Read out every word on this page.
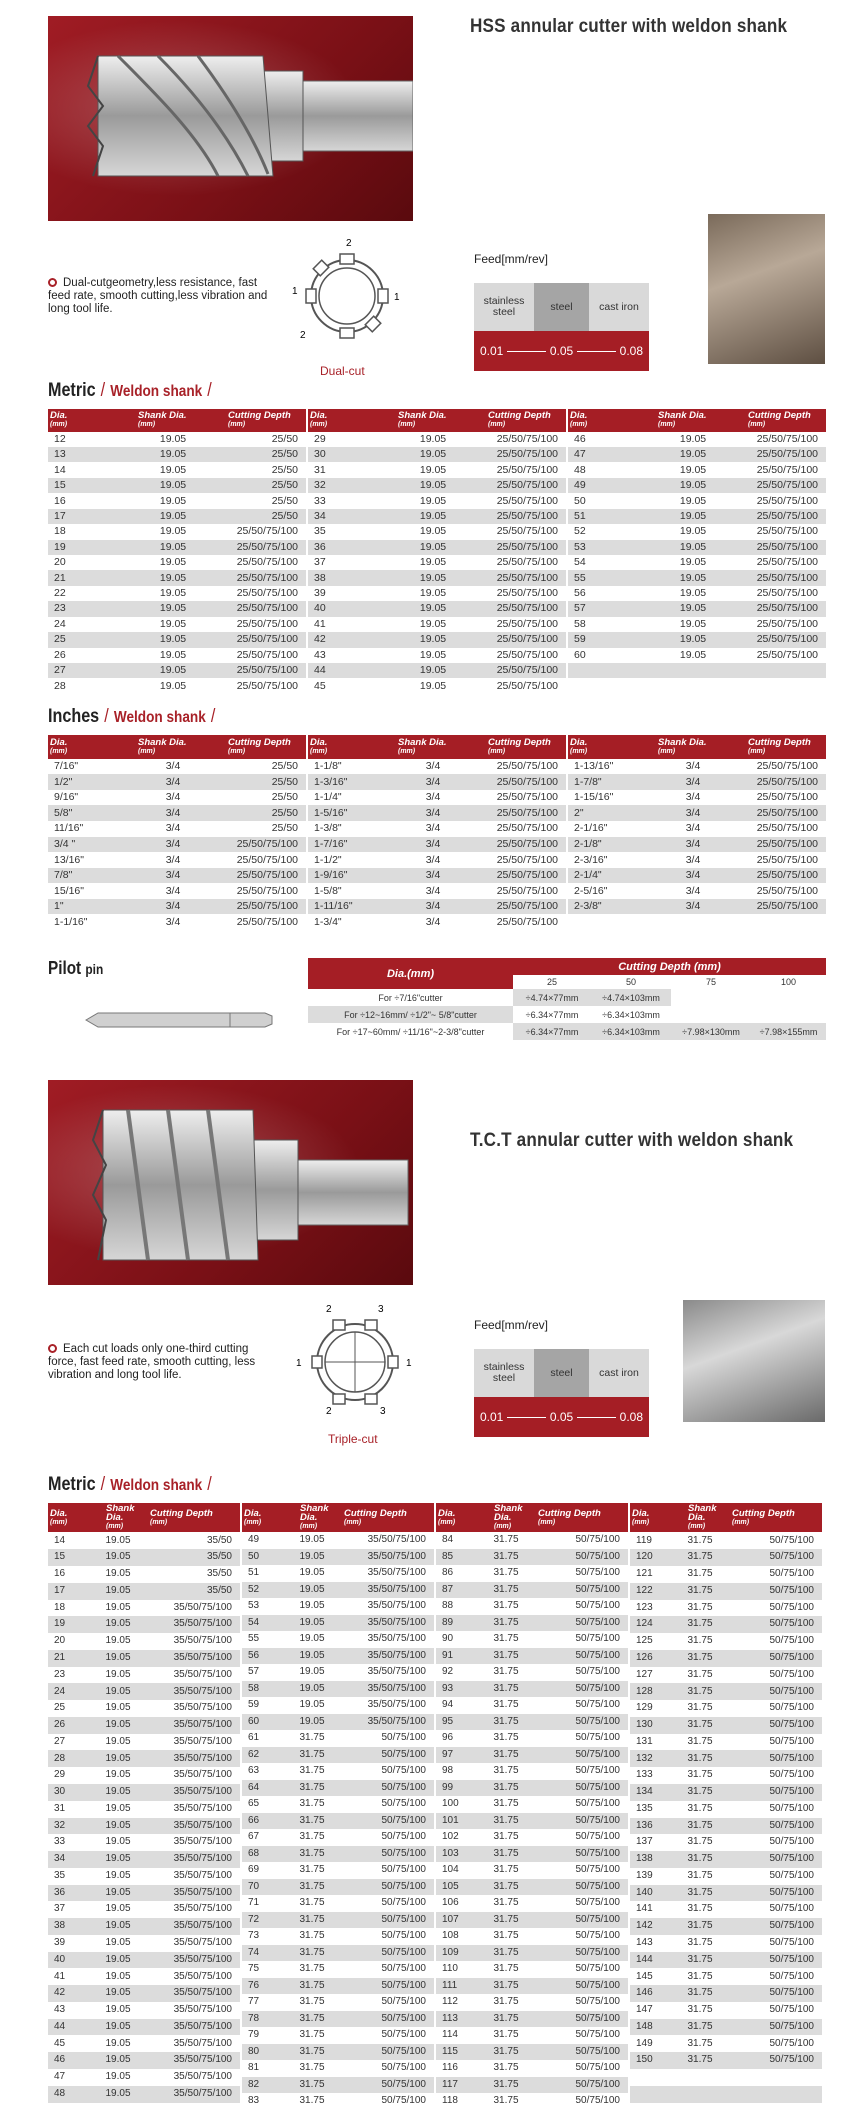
HSS annular cutter with weldon shank
Dual-cutgeometry,less resistance, fast feed rate, smooth cutting,less vibration and long tool life.
2
1
1
2
Dual-cut
Feed[mm/rev]
stainless steel	steel	cast iron
0.01	0.05	0.08
Metric / Weldon shank /
Dia.
(mm)	Shank Dia.
(mm)	Cutting Depth
(mm)

12	19.05	25/50
13	19.05	25/50
14	19.05	25/50
15	19.05	25/50
16	19.05	25/50
17	19.05	25/50
18	19.05	25/50/75/100
19	19.05	25/50/75/100
20	19.05	25/50/75/100
21	19.05	25/50/75/100
22	19.05	25/50/75/100
23	19.05	25/50/75/100
24	19.05	25/50/75/100
25	19.05	25/50/75/100
26	19.05	25/50/75/100
27	19.05	25/50/75/100
28	19.05	25/50/75/100
Dia.
(mm)	Shank Dia.
(mm)	Cutting Depth
(mm)

29	19.05	25/50/75/100
30	19.05	25/50/75/100
31	19.05	25/50/75/100
32	19.05	25/50/75/100
33	19.05	25/50/75/100
34	19.05	25/50/75/100
35	19.05	25/50/75/100
36	19.05	25/50/75/100
37	19.05	25/50/75/100
38	19.05	25/50/75/100
39	19.05	25/50/75/100
40	19.05	25/50/75/100
41	19.05	25/50/75/100
42	19.05	25/50/75/100
43	19.05	25/50/75/100
44	19.05	25/50/75/100
45	19.05	25/50/75/100
Dia.
(mm)	Shank Dia.
(mm)	Cutting Depth
(mm)

46	19.05	25/50/75/100
47	19.05	25/50/75/100
48	19.05	25/50/75/100
49	19.05	25/50/75/100
50	19.05	25/50/75/100
51	19.05	25/50/75/100
52	19.05	25/50/75/100
53	19.05	25/50/75/100
54	19.05	25/50/75/100
55	19.05	25/50/75/100
56	19.05	25/50/75/100
57	19.05	25/50/75/100
58	19.05	25/50/75/100
59	19.05	25/50/75/100
60	19.05	25/50/75/100

Inches / Weldon shank /
Dia.
(mm)	Shank Dia.
(mm)	Cutting Depth
(mm)

7/16"	3/4	25/50
1/2"	3/4	25/50
9/16"	3/4	25/50
5/8"	3/4	25/50
11/16"	3/4	25/50
3/4 "	3/4	25/50/75/100
13/16"	3/4	25/50/75/100
7/8"	3/4	25/50/75/100
15/16"	3/4	25/50/75/100
1"	3/4	25/50/75/100
1-1/16"	3/4	25/50/75/100
Dia.
(mm)	Shank Dia.
(mm)	Cutting Depth
(mm)

1-1/8"	3/4	25/50/75/100
1-3/16"	3/4	25/50/75/100
1-1/4"	3/4	25/50/75/100
1-5/16"	3/4	25/50/75/100
1-3/8"	3/4	25/50/75/100
1-7/16"	3/4	25/50/75/100
1-1/2"	3/4	25/50/75/100
1-9/16"	3/4	25/50/75/100
1-5/8"	3/4	25/50/75/100
1-11/16"	3/4	25/50/75/100
1-3/4"	3/4	25/50/75/100
Dia.
(mm)	Shank Dia.
(mm)	Cutting Depth
(mm)

1-13/16"	3/4	25/50/75/100
1-7/8"	3/4	25/50/75/100
1-15/16"	3/4	25/50/75/100
2"	3/4	25/50/75/100
2-1/16"	3/4	25/50/75/100
2-1/8"	3/4	25/50/75/100
2-3/16"	3/4	25/50/75/100
2-1/4"	3/4	25/50/75/100
2-5/16"	3/4	25/50/75/100
2-3/8"	3/4	25/50/75/100

Pilot pin	Dia.(mm)	Cutting Depth (mm)			
	25	50	75	100
For ÷7/16"cutter	÷4.74×77mm	÷4.74×103mm		
For ÷12~16mm/ ÷1/2"~ 5/8"cutter	÷6.34×77mm	÷6.34×103mm		
For ÷17~60mm/ ÷11/16"~2-3/8"cutter	÷6.34×77mm	÷6.34×103mm	÷7.98×130mm	÷7.98×155mm
T.C.T annular cutter with weldon shank
Each cut loads only one-third cutting force, fast feed rate, smooth cutting, less vibration and long tool life.
2	3
1	1
3
2
Triple-cut
Feed[mm/rev]
stainless steel	steel	cast iron
0.01	0.05	0.08
Metric / Weldon shank /
Dia.
(mm)	Shank Dia.
(mm)	Cutting Depth
(mm)

14	19.05	35/50
15	19.05	35/50
16	19.05	35/50
17	19.05	35/50
18	19.05	35/50/75/100
19	19.05	35/50/75/100
20	19.05	35/50/75/100
21	19.05	35/50/75/100
23	19.05	35/50/75/100
24	19.05	35/50/75/100
25	19.05	35/50/75/100
26	19.05	35/50/75/100
27	19.05	35/50/75/100
28	19.05	35/50/75/100
29	19.05	35/50/75/100
30	19.05	35/50/75/100
31	19.05	35/50/75/100
32	19.05	35/50/75/100
33	19.05	35/50/75/100
34	19.05	35/50/75/100
35	19.05	35/50/75/100
36	19.05	35/50/75/100
37	19.05	35/50/75/100
38	19.05	35/50/75/100
39	19.05	35/50/75/100
40	19.05	35/50/75/100
41	19.05	35/50/75/100
42	19.05	35/50/75/100
43	19.05	35/50/75/100
44	19.05	35/50/75/100
45	19.05	35/50/75/100
46	19.05	35/50/75/100
47	19.05	35/50/75/100
48	19.05	35/50/75/100
Dia.
(mm)	Shank Dia.
(mm)	Cutting Depth
(mm)

49	19.05	35/50/75/100
50	19.05	35/50/75/100
51	19.05	35/50/75/100
52	19.05	35/50/75/100
53	19.05	35/50/75/100
54	19.05	35/50/75/100
55	19.05	35/50/75/100
56	19.05	35/50/75/100
57	19.05	35/50/75/100
58	19.05	35/50/75/100
59	19.05	35/50/75/100
60	19.05	35/50/75/100
61	31.75	50/75/100
62	31.75	50/75/100
63	31.75	50/75/100
64	31.75	50/75/100
65	31.75	50/75/100
66	31.75	50/75/100
67	31.75	50/75/100
68	31.75	50/75/100
69	31.75	50/75/100
70	31.75	50/75/100
71	31.75	50/75/100
72	31.75	50/75/100
73	31.75	50/75/100
74	31.75	50/75/100
75	31.75	50/75/100
76	31.75	50/75/100
77	31.75	50/75/100
78	31.75	50/75/100
79	31.75	50/75/100
80	31.75	50/75/100
81	31.75	50/75/100
82	31.75	50/75/100
83	31.75	50/75/100
Dia.
(mm)	Shank Dia.
(mm)	Cutting Depth
(mm)

84	31.75	50/75/100
85	31.75	50/75/100
86	31.75	50/75/100
87	31.75	50/75/100
88	31.75	50/75/100
89	31.75	50/75/100
90	31.75	50/75/100
91	31.75	50/75/100
92	31.75	50/75/100
93	31.75	50/75/100
94	31.75	50/75/100
95	31.75	50/75/100
96	31.75	50/75/100
97	31.75	50/75/100
98	31.75	50/75/100
99	31.75	50/75/100
100	31.75	50/75/100
101	31.75	50/75/100
102	31.75	50/75/100
103	31.75	50/75/100
104	31.75	50/75/100
105	31.75	50/75/100
106	31.75	50/75/100
107	31.75	50/75/100
108	31.75	50/75/100
109	31.75	50/75/100
110	31.75	50/75/100
111	31.75	50/75/100
112	31.75	50/75/100
113	31.75	50/75/100
114	31.75	50/75/100
115	31.75	50/75/100
116	31.75	50/75/100
117	31.75	50/75/100
118	31.75	50/75/100
Dia.
(mm)	Shank Dia.
(mm)	Cutting Depth
(mm)

119	31.75	50/75/100
120	31.75	50/75/100
121	31.75	50/75/100
122	31.75	50/75/100
123	31.75	50/75/100
124	31.75	50/75/100
125	31.75	50/75/100
126	31.75	50/75/100
127	31.75	50/75/100
128	31.75	50/75/100
129	31.75	50/75/100
130	31.75	50/75/100
131	31.75	50/75/100
132	31.75	50/75/100
133	31.75	50/75/100
134	31.75	50/75/100
135	31.75	50/75/100
136	31.75	50/75/100
137	31.75	50/75/100
138	31.75	50/75/100
139	31.75	50/75/100
140	31.75	50/75/100
141	31.75	50/75/100
142	31.75	50/75/100
143	31.75	50/75/100
144	31.75	50/75/100
145	31.75	50/75/100
146	31.75	50/75/100
147	31.75	50/75/100
148	31.75	50/75/100
149	31.75	50/75/100
150	31.75	50/75/100
